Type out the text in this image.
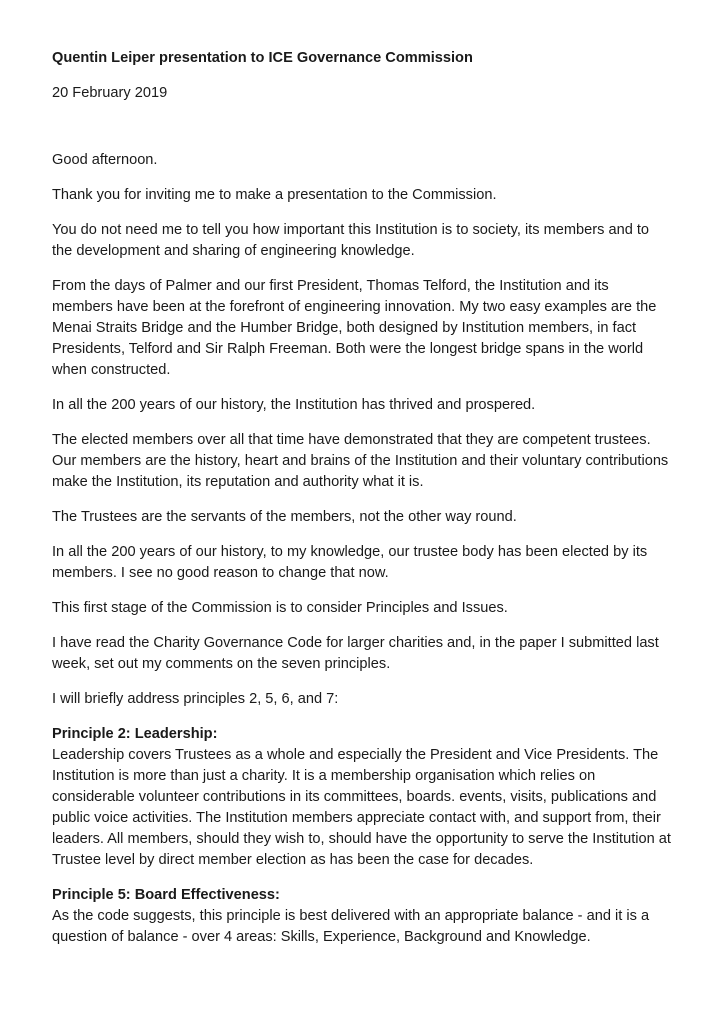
Quentin Leiper presentation to ICE Governance Commission

20 February 2019

Good afternoon.

Thank you for inviting me to make a presentation to the Commission.

You do not need me to tell you how important this Institution is to society, its members and to the development and sharing of engineering knowledge.

From the days of Palmer and our first President, Thomas Telford, the Institution and its members have been at the forefront of engineering innovation. My two easy examples are the Menai Straits Bridge and the Humber Bridge, both designed by Institution members, in fact Presidents, Telford and Sir Ralph Freeman. Both were the longest bridge spans in the world when constructed.

In all the 200 years of our history, the Institution has thrived and prospered.

The elected members over all that time have demonstrated that they are competent trustees. Our members are the history, heart and brains of the Institution and their voluntary contributions make the Institution, its reputation and authority what it is.

The Trustees are the servants of the members, not the other way round.

In all the 200 years of our history, to my knowledge, our trustee body has been elected by its members. I see no good reason to change that now.

This first stage of the Commission is to consider Principles and Issues.

I have read the Charity Governance Code for larger charities and, in the paper I submitted last week, set out my comments on the seven principles.

I will briefly address principles 2, 5, 6, and 7:

Principle 2: Leadership:
Leadership covers Trustees as a whole and especially the President and Vice Presidents. The Institution is more than just a charity. It is a membership organisation which relies on considerable volunteer contributions in its committees, boards. events, visits, publications and public voice activities. The Institution members appreciate contact with, and support from, their leaders. All members, should they wish to, should have the opportunity to serve the Institution at Trustee level by direct member election as has been the case for decades.
Principle 5: Board Effectiveness:
As the code suggests, this principle is best delivered with an appropriate balance - and it is a question of balance - over 4 areas: Skills, Experience, Background and Knowledge.
